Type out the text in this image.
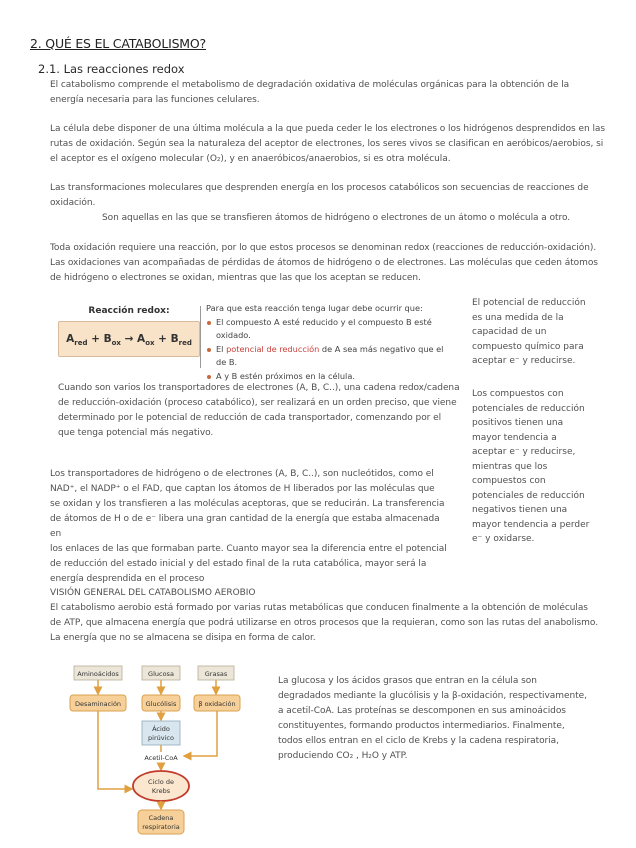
2. QUÉ ES EL CATABOLISMO?
2.1. Las reacciones redox
El catabolismo comprende el metabolismo de degradación oxidativa de moléculas orgánicas para la obtención de la
energía necesaria para las funciones celulares.
La célula debe disponer de una última molécula a la que pueda ceder le los electrones o los hidrógenos desprendidos en las
rutas de oxidación. Según sea la naturaleza del aceptor de electrones, los seres vivos se clasifican en aeróbicos/aerobios, si
el aceptor es el oxígeno molecular (O₂), y en anaeróbicos/anaerobios, si es otra molécula.
Las transformaciones moleculares que desprenden energía en los procesos catabólicos son secuencias de reacciones de
oxidación.
Son aquellas en las que se transfieren átomos de hidrógeno o electrones de un átomo o molécula a otro.
Toda oxidación requiere una reacción, por lo que estos procesos se denominan redox (reacciones de reducción-oxidación).
Las oxidaciones van acompañadas de pérdidas de átomos de hidrógeno o de electrones. Las moléculas que ceden átomos
de hidrógeno o electrones se oxidan, mientras que las que los aceptan se reducen.
Reacción redox:
$A_{red} + B_{ox} \to A_{ox} + B_{red}$
Para que esta reacción tenga lugar debe ocurrir que:
El compuesto A esté reducido y el compuesto B esté oxidado.
El potencial de reducción de A sea más negativo que el de B.
A y B estén próximos en la célula.
El potencial de reducción
es una medida de la
capacidad de un
compuesto químico para
aceptar e⁻ y reducirse.
Cuando son varios los transportadores de electrones (A, B, C..), una cadena redox/cadena
de reducción-oxidación (proceso catabólico), ser realizará en un orden preciso, que viene
determinado por le potencial de reducción de cada transportador, comenzando por el
que tenga potencial más negativo.
Los compuestos con
potenciales de reducción
positivos tienen una
mayor tendencia a
aceptar e⁻ y reducirse,
mientras que los
compuestos con
potenciales de reducción
negativos tienen una
mayor tendencia a perder
e⁻ y oxidarse.
Los transportadores de hidrógeno o de electrones (A, B, C..), son nucleótidos, como el
NAD⁺, el NADP⁺ o el FAD, que captan los átomos de H liberados por las moléculas que
se oxidan y los transfieren a las moléculas aceptoras, que se reducirán. La transferencia
de átomos de H o de e⁻ libera una gran cantidad de la energía que estaba almacenada en
los enlaces de las que formaban parte. Cuanto mayor sea la diferencia entre el potencial
de reducción del estado inicial y del estado final de la ruta catabólica, mayor será la
energía desprendida en el proceso
VISIÓN GENERAL DEL CATABOLISMO AEROBIO
El catabolismo aerobio está formado por varias rutas metabólicas que conducen finalmente a la obtención de moléculas
de ATP, que almacena energía que podrá utilizarse en otros procesos que la requieran, como son las rutas del anabolismo.
La energía que no se almacena se disipa en forma de calor.
Aminoácidos	Glucosa	Grasas
Desaminación	Glucólisis	β oxidación
Ácido
pirúvico
Acetil-CoA
Ciclo de
Krebs
Cadena
respiratoria
La glucosa y los ácidos grasos que entran en la célula son
degradados mediante la glucólisis y la β-oxidación, respectivamente,
a acetil-CoA. Las proteínas se descomponen en sus aminoácidos
constituyentes, formando productos intermediarios. Finalmente,
todos ellos entran en el ciclo de Krebs y la cadena respiratoria,
produciendo CO₂ , H₂O y ATP.
